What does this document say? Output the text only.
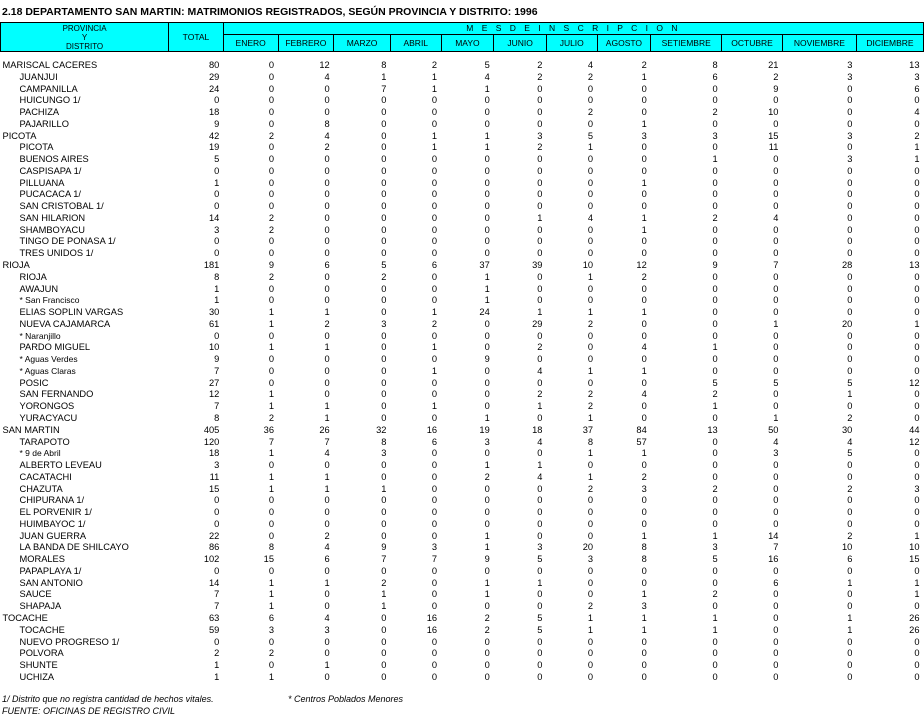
2.18 DEPARTAMENTO SAN MARTIN: MATRIMONIOS REGISTRADOS, SEGÚN PROVINCIA Y DISTRITO: 1996
PROVINCIA
Y
DISTRITO	TOTAL	M E S D E I N S C R I P C I O N											
		ENERO	FEBRERO	MARZO	ABRIL	MAYO	JUNIO	JULIO	AGOSTO	SETIEMBRE	OCTUBRE	NOVIEMBRE	DICIEMBRE

MARISCAL CACERES	80	0	12	8	2	5	2	4	2	8	21	3	13
JUANJUI	29	0	4	1	1	4	2	2	1	6	2	3	3
CAMPANILLA	24	0	0	7	1	1	0	0	0	0	9	0	6
HUICUNGO 1/	0	0	0	0	0	0	0	0	0	0	0	0	0
PACHIZA	18	0	0	0	0	0	0	2	0	2	10	0	4
PAJARILLO	9	0	8	0	0	0	0	0	1	0	0	0	0
PICOTA	42	2	4	0	1	1	3	5	3	3	15	3	2
PICOTA	19	0	2	0	1	1	2	1	0	0	11	0	1
BUENOS AIRES	5	0	0	0	0	0	0	0	0	1	0	3	1
CASPISAPA 1/	0	0	0	0	0	0	0	0	0	0	0	0	0
PILLUANA	1	0	0	0	0	0	0	0	1	0	0	0	0
PUCACACA 1/	0	0	0	0	0	0	0	0	0	0	0	0	0
SAN CRISTOBAL 1/	0	0	0	0	0	0	0	0	0	0	0	0	0
SAN HILARION	14	2	0	0	0	0	1	4	1	2	4	0	0
SHAMBOYACU	3	2	0	0	0	0	0	0	1	0	0	0	0
TINGO DE PONASA 1/	0	0	0	0	0	0	0	0	0	0	0	0	0
TRES UNIDOS 1/	0	0	0	0	0	0	0	0	0	0	0	0	0
RIOJA	181	9	6	5	6	37	39	10	12	9	7	28	13
RIOJA	8	2	0	2	0	1	0	1	2	0	0	0	0
AWAJUN	1	0	0	0	0	1	0	0	0	0	0	0	0
* San Francisco	1	0	0	0	0	1	0	0	0	0	0	0	0
ELIAS SOPLIN VARGAS	30	1	1	0	1	24	1	1	1	0	0	0	0
NUEVA CAJAMARCA	61	1	2	3	2	0	29	2	0	0	1	20	1
* Naranjillo	0	0	0	0	0	0	0	0	0	0	0	0	0
PARDO MIGUEL	10	1	1	0	1	0	2	0	4	1	0	0	0
* Aguas Verdes	9	0	0	0	0	9	0	0	0	0	0	0	0
* Aguas Claras	7	0	0	0	1	0	4	1	1	0	0	0	0
POSIC	27	0	0	0	0	0	0	0	0	5	5	5	12
SAN FERNANDO	12	1	0	0	0	0	2	2	4	2	0	1	0
YORONGOS	7	1	1	0	1	0	1	2	0	1	0	0	0
YURACYACU	8	2	1	0	0	1	0	1	0	0	1	2	0
SAN MARTIN	405	36	26	32	16	19	18	37	84	13	50	30	44
TARAPOTO	120	7	7	8	6	3	4	8	57	0	4	4	12
* 9 de Abril	18	1	4	3	0	0	0	1	1	0	3	5	0
ALBERTO LEVEAU	3	0	0	0	0	1	1	0	0	0	0	0	0
CACATACHI	11	1	1	0	0	2	4	1	2	0	0	0	0
CHAZUTA	15	1	1	1	0	0	0	2	3	2	0	2	3
CHIPURANA 1/	0	0	0	0	0	0	0	0	0	0	0	0	0
EL PORVENIR 1/	0	0	0	0	0	0	0	0	0	0	0	0	0
HUIMBAYOC 1/	0	0	0	0	0	0	0	0	0	0	0	0	0
JUAN GUERRA	22	0	2	0	0	1	0	0	1	1	14	2	1
LA BANDA DE SHILCAYO	86	8	4	9	3	1	3	20	8	3	7	10	10
MORALES	102	15	6	7	7	9	5	3	8	5	16	6	15
PAPAPLAYA 1/	0	0	0	0	0	0	0	0	0	0	0	0	0
SAN ANTONIO	14	1	1	2	0	1	1	0	0	0	6	1	1
SAUCE	7	1	0	1	0	1	0	0	1	2	0	0	1
SHAPAJA	7	1	0	1	0	0	0	2	3	0	0	0	0
TOCACHE	63	6	4	0	16	2	5	1	1	1	0	1	26
TOCACHE	59	3	3	0	16	2	5	1	1	1	0	1	26
NUEVO PROGRESO 1/	0	0	0	0	0	0	0	0	0	0	0	0	0
POLVORA	2	2	0	0	0	0	0	0	0	0	0	0	0
SHUNTE	1	0	1	0	0	0	0	0	0	0	0	0	0
UCHIZA	1	1	0	0	0	0	0	0	0	0	0	0	0
1/ Distrito que no registra cantidad de hechos vitales.	* Centros Poblados Menores
FUENTE: OFICINAS DE REGISTRO CIVIL
